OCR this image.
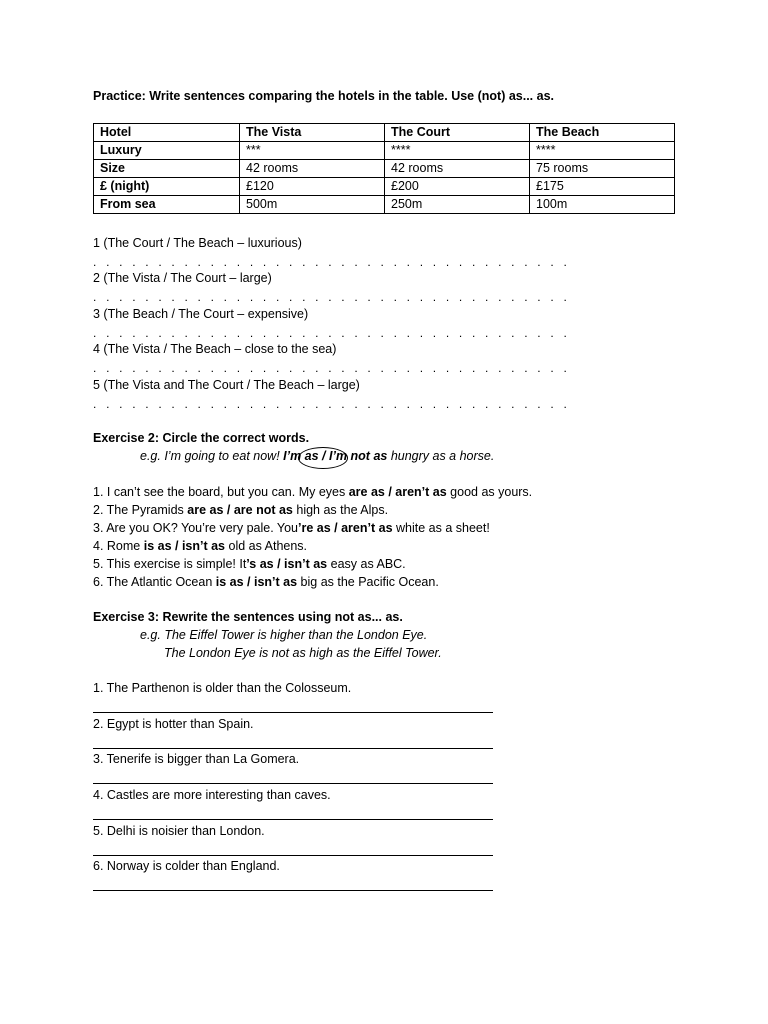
Practice: Write sentences comparing the hotels in the table. Use (not) as... as.
Hotel	The Vista	The Court	The Beach
Luxury	***	****	****
Size	42 rooms	42 rooms	75 rooms
£ (night)	£120	£200	£175
From sea	500m	250m	100m
1 (The Court / The Beach – luxurious)
. . . . . . . . . . . . . . . . . . . . . . . . . . . . . . . . . . . . .
2 (The Vista / The Court – large)
. . . . . . . . . . . . . . . . . . . . . . . . . . . . . . . . . . . . .
3 (The Beach / The Court – expensive)
. . . . . . . . . . . . . . . . . . . . . . . . . . . . . . . . . . . . .
4 (The Vista / The Beach – close to the sea)
. . . . . . . . . . . . . . . . . . . . . . . . . . . . . . . . . . . . .
5 (The Vista and The Court / The Beach – large)
. . . . . . . . . . . . . . . . . . . . . . . . . . . . . . . . . . . . .
Exercise 2: Circle the correct words.
e.g. I’m going to eat now! I’m as / I’m not as hungry as a horse.
1. I can’t see the board, but you can. My eyes are as / aren’t as good as yours.
2. The Pyramids are as / are not as high as the Alps.
3. Are you OK? You’re very pale. You’re as / aren’t as white as a sheet!
4. Rome is as / isn’t as old as Athens.
5. This exercise is simple! It’s as / isn’t as easy as ABC.
6. The Atlantic Ocean is as / isn’t as big as the Pacific Ocean.
Exercise 3: Rewrite the sentences using not as... as.
e.g. The Eiffel Tower is higher than the London Eye.
The London Eye is not as high as the Eiffel Tower.
1. The Parthenon is older than the Colosseum.
2. Egypt is hotter than Spain.
3. Tenerife is bigger than La Gomera.
4. Castles are more interesting than caves.
5. Delhi is noisier than London.
6. Norway is colder than England.
